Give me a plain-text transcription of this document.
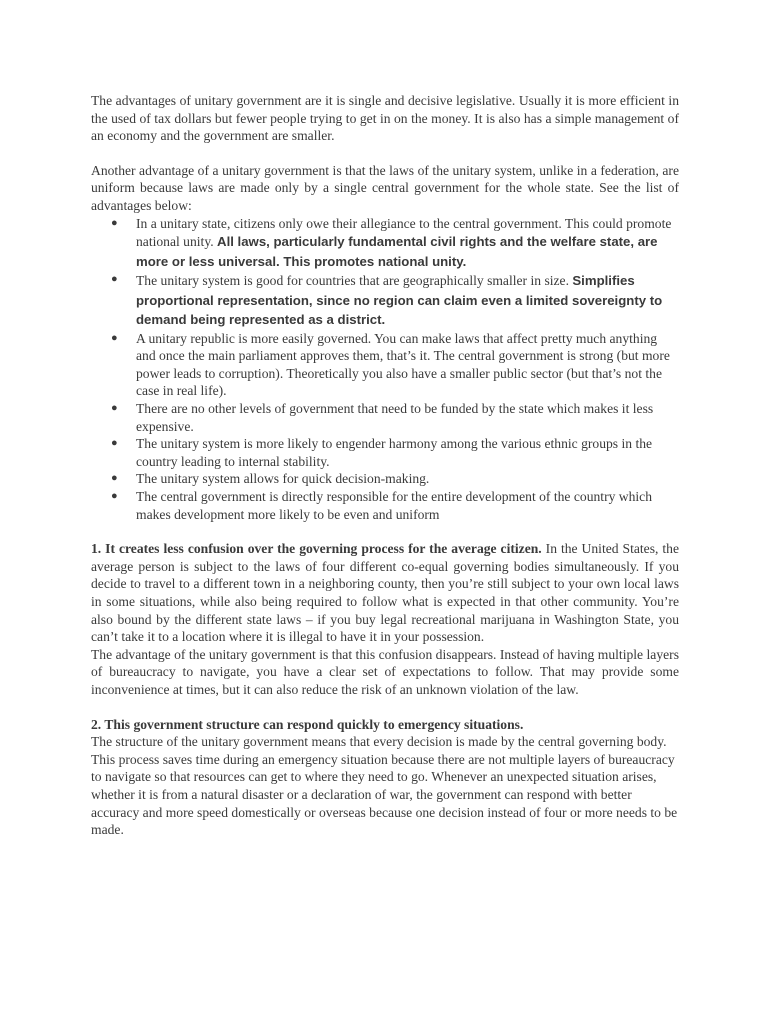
The advantages of unitary government are it is single and decisive legislative. Usually it is more efficient in the used of tax dollars but fewer people trying to get in on the money. It is also has a simple management of an economy and the government are smaller.

Another advantage of a unitary government is that the laws of the unitary system, unlike in a federation, are uniform because laws are made only by a single central government for the whole state. See the list of advantages below:

● In a unitary state, citizens only owe their allegiance to the central government. This could promote national unity. All laws, particularly fundamental civil rights and the welfare state, are more or less universal. This promotes national unity.
● The unitary system is good for countries that are geographically smaller in size. Simplifies proportional representation, since no region can claim even a limited sovereignty to demand being represented as a district.
● A unitary republic is more easily governed. You can make laws that affect pretty much anything and once the main parliament approves them, that’s it. The central government is strong (but more power leads to corruption). Theoretically you also have a smaller public sector (but that’s not the case in real life).
● There are no other levels of government that need to be funded by the state which makes it less expensive.
● The unitary system is more likely to engender harmony among the various ethnic groups in the country leading to internal stability.
● The unitary system allows for quick decision-making.
● The central government is directly responsible for the entire development of the country which makes development more likely to be even and uniform

1. It creates less confusion over the governing process for the average citizen. In the United States, the average person is subject to the laws of four different co-equal governing bodies simultaneously. If you decide to travel to a different town in a neighboring county, then you’re still subject to your own local laws in some situations, while also being required to follow what is expected in that other community. You’re also bound by the different state laws – if you buy legal recreational marijuana in Washington State, you can’t take it to a location where it is illegal to have it in your possession.

The advantage of the unitary government is that this confusion disappears. Instead of having multiple layers of bureaucracy to navigate, you have a clear set of expectations to follow. That may provide some inconvenience at times, but it can also reduce the risk of an unknown violation of the law.

2. This government structure can respond quickly to emergency situations.

The structure of the unitary government means that every decision is made by the central governing body. This process saves time during an emergency situation because there are not multiple layers of bureaucracy to navigate so that resources can get to where they need to go. Whenever an unexpected situation arises, whether it is from a natural disaster or a declaration of war, the government can respond with better accuracy and more speed domestically or overseas because one decision instead of four or more needs to be made.
